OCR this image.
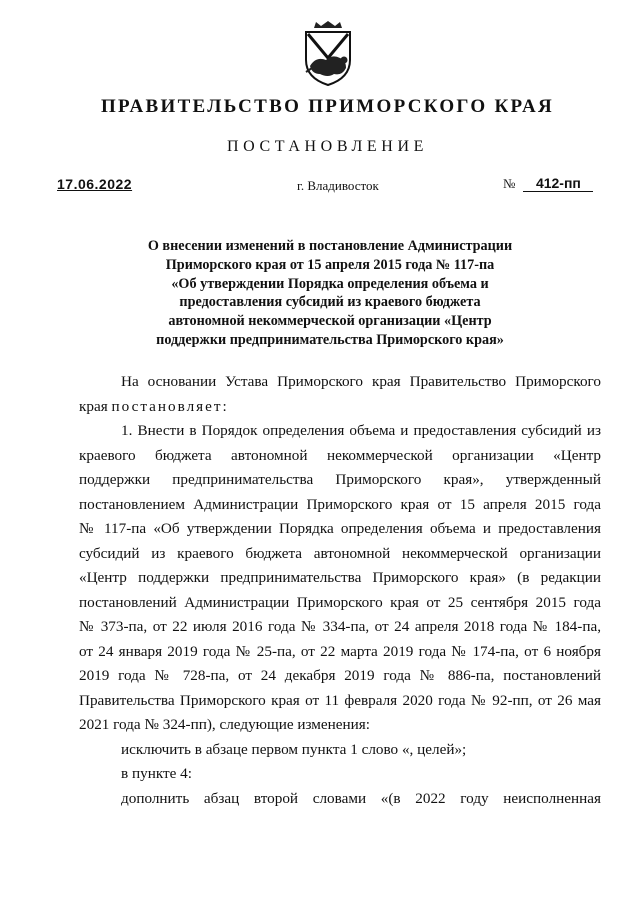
ПРАВИТЕЛЬСТВО ПРИМОРСКОГО КРАЯ
ПОСТАНОВЛЕНИЕ
17.06.2022	г. Владивосток	№ 412-пп
О внесении изменений в постановление Администрации
Приморского края от 15 апреля 2015 года № 117-па
«Об утверждении Порядка определения объема и
предоставления субсидий из краевого бюджета
автономной некоммерческой организации «Центр
поддержки предпринимательства Приморского края»
На основании Устава Приморского края Правительство Приморского
края постановляет:
1. Внести в Порядок определения объема и предоставления субсидий из
краевого бюджета автономной некоммерческой организации «Центр
поддержки предпринимательства Приморского края», утвержденный
постановлением Администрации Приморского края от 15 апреля 2015 года
№ 117-па «Об утверждении Порядка определения объема и предоставления
субсидий из краевого бюджета автономной некоммерческой организации
«Центр поддержки предпринимательства Приморского края» (в редакции
постановлений Администрации Приморского края от 25 сентября 2015 года
№ 373-па, от 22 июля 2016 года № 334-па, от 24 апреля 2018 года № 184-па,
от 24 января 2019 года № 25-па, от 22 марта 2019 года № 174-па, от 6 ноября
2019 года № 728-па, от 24 декабря 2019 года № 886-па, постановлений
Правительства Приморского края от 11 февраля 2020 года № 92-пп, от 26 мая
2021 года № 324-пп), следующие изменения:
исключить в абзаце первом пункта 1 слово «, целей»;
в пункте 4:
дополнить абзац второй словами «(в 2022 году неисполненная
